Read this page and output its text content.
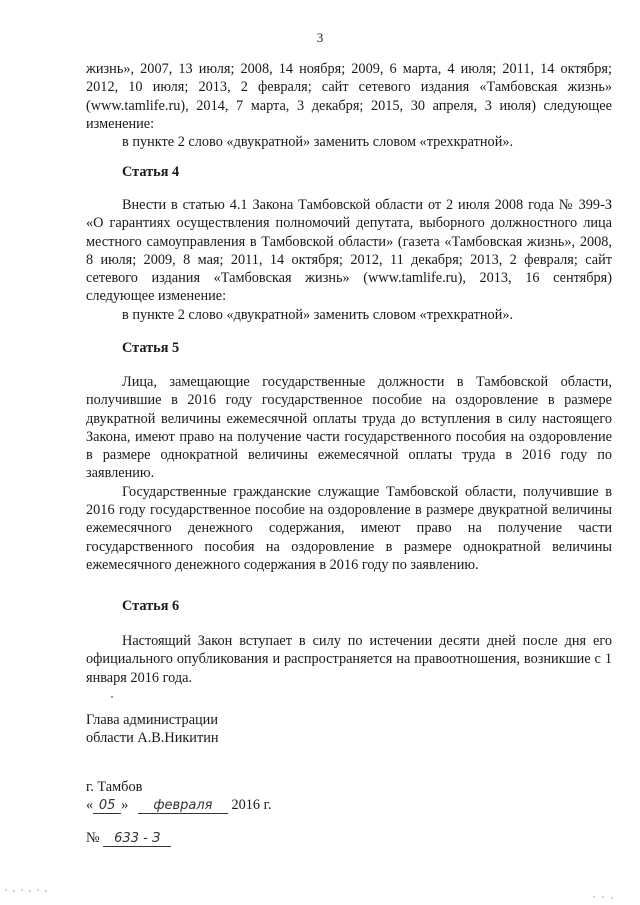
3

жизнь», 2007, 13 июля; 2008, 14 ноября; 2009, 6 марта, 4 июля; 2011, 14 октября; 2012, 10 июля; 2013, 2 февраля; сайт сетевого издания «Тамбовская жизнь» (www.tamlife.ru), 2014, 7 марта, 3 декабря; 2015, 30 апреля, 3 июля) следующее изменение:

в пункте 2 слово «двукратной» заменить словом «трехкратной».

Статья 4

Внести в статью 4.1 Закона Тамбовской области от 2 июля 2008 года № 399-З «О гарантиях осуществления полномочий депутата, выборного должностного лица местного самоуправления в Тамбовской области» (газета «Тамбовская жизнь», 2008, 8 июля; 2009, 8 мая; 2011, 14 октября; 2012, 11 декабря; 2013, 2 февраля; сайт сетевого издания «Тамбовская жизнь» (www.tamlife.ru), 2013, 16 сентября) следующее изменение:

в пункте 2 слово «двукратной» заменить словом «трехкратной».

Статья 5

Лица, замещающие государственные должности в Тамбовской области, получившие в 2016 году государственное пособие на оздоровление в размере двукратной величины ежемесячной оплаты труда до вступления в силу настоящего Закона, имеют право на получение части государственного пособия на оздоровление в размере однократной величины ежемесячной оплаты труда в 2016 году по заявлению.

Государственные гражданские служащие Тамбовской области, получившие в 2016 году государственное пособие на оздоровление в размере двукратной величины ежемесячного денежного содержания, имеют право на получение части государственного пособия на оздоровление в размере однократной величины ежемесячного денежного содержания в 2016 году по заявлению.

Статья 6

Настоящий Закон вступает в силу по истечении десяти дней после дня его официального опубликования и распространяется на правоотношения, возникшие с 1 января 2016 года.

Глава администрации
области А.В.Никитин
г. Тамбов
« 05 » февраля 2016 г.
№ 633 - З
